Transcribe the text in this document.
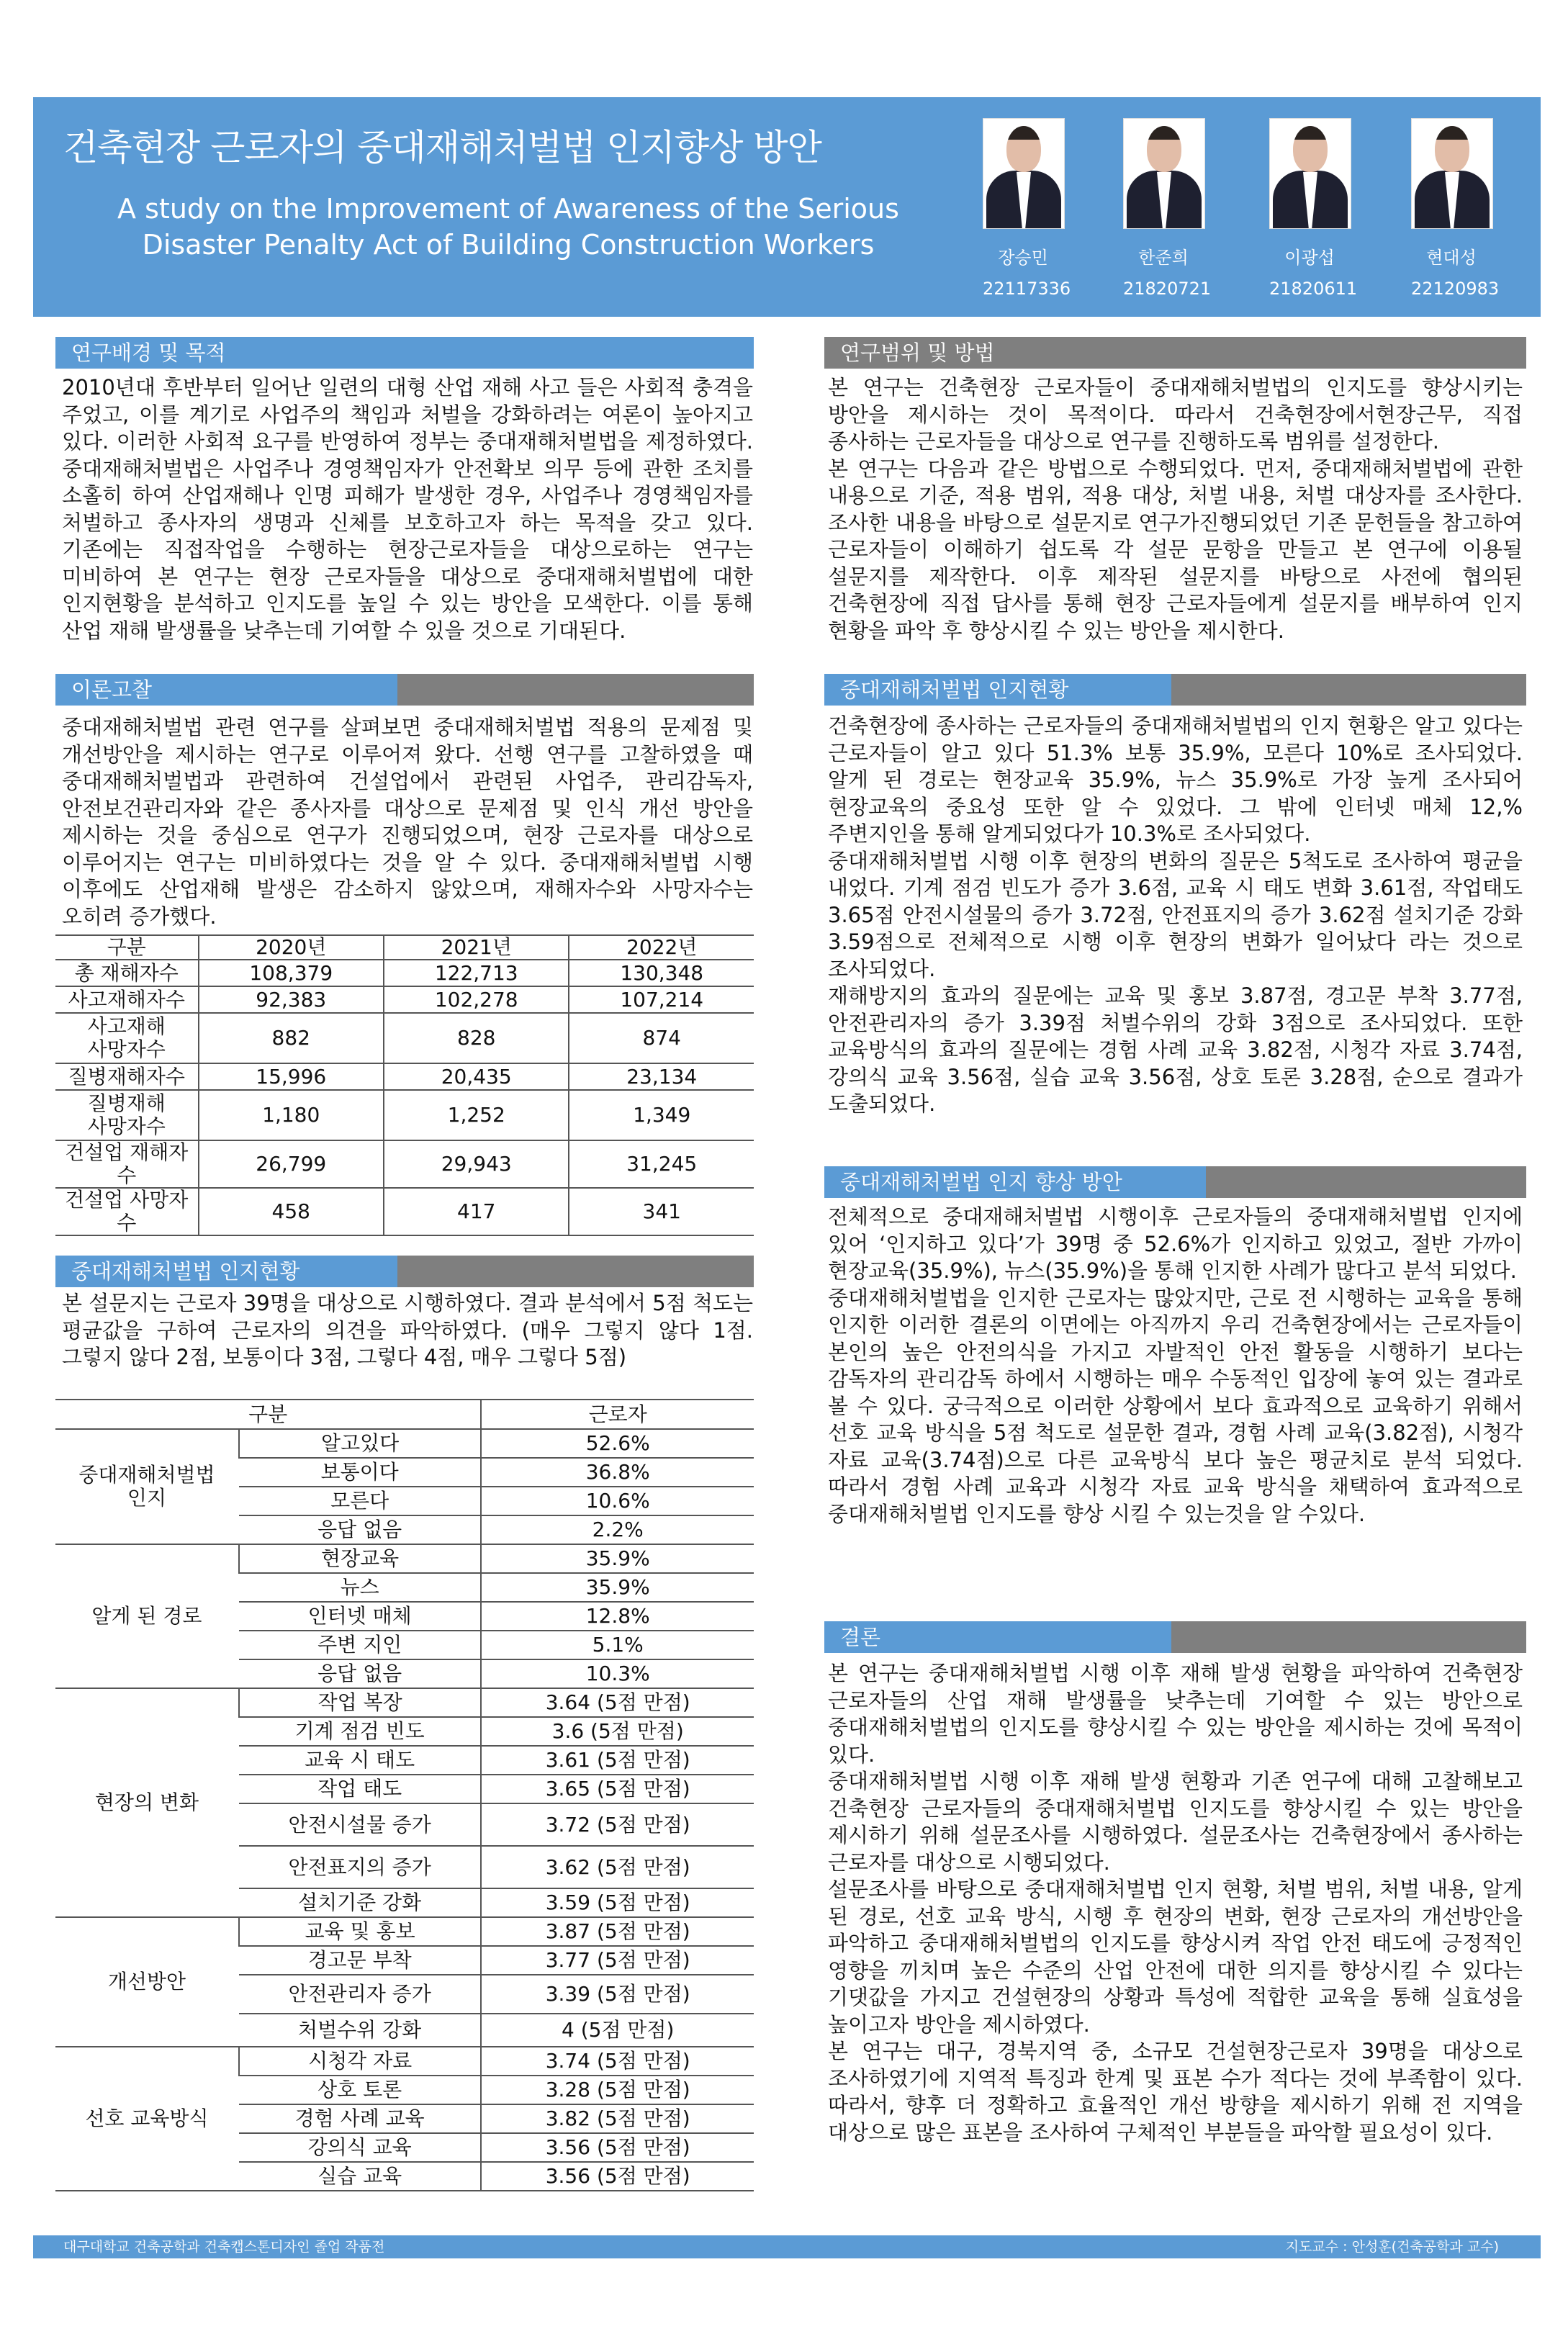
건축현장 근로자의 중대재해처벌법 인지향상 방안
A study on the Improvement of Awareness of the Serious
Disaster Penalty Act of Building Construction Workers	장승민
22117336
한준희
21820721
이광섭
21820611
현대성
22120983
연구배경 및 목적

2010년대 후반부터 일어난 일련의 대형 산업 재해 사고 들은 사회적 충격을 주었고, 이를 계기로 사업주의 책임과 처벌을 강화하려는 여론이 높아지고 있다. 이러한 사회적 요구를 반영하여 정부는 중대재해처벌법을 제정하였다. 중대재해처벌법은 사업주나 경영책임자가 안전확보 의무 등에 관한 조치를 소홀히 하여 산업재해나 인명 피해가 발생한 경우, 사업주나 경영책임자를 처벌하고 종사자의 생명과 신체를 보호하고자 하는 목적을 갖고 있다. 기존에는 직접작업을 수행하는 현장근로자들을 대상으로하는 연구는 미비하여 본 연구는 현장 근로자들을 대상으로 중대재해처벌법에 대한 인지현황을 분석하고 인지도를 높일 수 있는 방안을 모색한다. 이를 통해 산업 재해 발생률을 낮추는데 기여할 수 있을 것으로 기대된다.

이론고찰

중대재해처벌법 관련 연구를 살펴보면 중대재해처벌법 적용의 문제점 및 개선방안을 제시하는 연구로 이루어져 왔다. 선행 연구를 고찰하였을 때 중대재해처벌법과 관련하여 건설업에서 관련된 사업주, 관리감독자, 안전보건관리자와 같은 종사자를 대상으로 문제점 및 인식 개선 방안을 제시하는 것을 중심으로 연구가 진행되었으며, 현장 근로자를 대상으로 이루어지는 연구는 미비하였다는 것을 알 수 있다. 중대재해처벌법 시행 이후에도 산업재해 발생은 감소하지 않았으며, 재해자수와 사망자수는 오히려 증가했다.

구분	2020년	2021년	2022년
총 재해자수	108,379	122,713	130,348
사고재해자수	92,383	102,278	107,214
사고재해
사망자수	882	828	874
질병재해자수	15,996	20,435	23,134
질병재해
사망자수	1,180	1,252	1,349
건설업 재해자수	26,799	29,943	31,245
건설업 사망자수	458	417	341
중대재해처벌법 인지현황

본 설문지는 근로자 39명을 대상으로 시행하였다. 결과 분석에서 5점 척도는 평균값을 구하여 근로자의 의견을 파악하였다. (매우 그렇지 않다 1점. 그렇지 않다 2점, 보통이다 3점, 그렇다 4점, 매우 그렇다 5점)

구분		근로자
중대재해처벌법
인지	알고있다	52.6%
	보통이다	36.8%
	모른다	10.6%
	응답 없음	2.2%
알게 된 경로	현장교육	35.9%
	뉴스	35.9%
	인터넷 매체	12.8%
	주변 지인	5.1%
	응답 없음	10.3%
현장의 변화	작업 복장	3.64 (5점 만점)
	기계 점검 빈도	3.6 (5점 만점)
	교육 시 태도	3.61 (5점 만점)
	작업 태도	3.65 (5점 만점)
	안전시설물 증가	3.72 (5점 만점)
	안전표지의 증가	3.62 (5점 만점)
	설치기준 강화	3.59 (5점 만점)
개선방안	교육 및 홍보	3.87 (5점 만점)
	경고문 부착	3.77 (5점 만점)
	안전관리자 증가	3.39 (5점 만점)
	처벌수위 강화	4 (5점 만점)
선호 교육방식	시청각 자료	3.74 (5점 만점)
	상호 토론	3.28 (5점 만점)
	경험 사례 교육	3.82 (5점 만점)
	강의식 교육	3.56 (5점 만점)
	실습 교육	3.56 (5점 만점)
연구범위 및 방법

본 연구는 건축현장 근로자들이 중대재해처벌법의 인지도를 향상시키는 방안을 제시하는 것이 목적이다. 따라서 건축현장에서현장근무, 직접 종사하는 근로자들을 대상으로 연구를 진행하도록 범위를 설정한다.

본 연구는 다음과 같은 방법으로 수행되었다. 먼저, 중대재해처벌법에 관한 내용으로 기준, 적용 범위, 적용 대상, 처벌 내용, 처벌 대상자를 조사한다. 조사한 내용을 바탕으로 설문지로 연구가진행되었던 기존 문헌들을 참고하여 근로자들이 이해하기 쉽도록 각 설문 문항을 만들고 본 연구에 이용될 설문지를 제작한다. 이후 제작된 설문지를 바탕으로 사전에 협의된 건축현장에 직접 답사를 통해 현장 근로자들에게 설문지를 배부하여 인지 현황을 파악 후 향상시킬 수 있는 방안을 제시한다.

중대재해처벌법 인지현황

건축현장에 종사하는 근로자들의 중대재해처벌법의 인지 현황은 알고 있다는 근로자들이 알고 있다 51.3% 보통 35.9%, 모른다 10%로 조사되었다. 알게 된 경로는 현장교육 35.9%, 뉴스 35.9%로 가장 높게 조사되어 현장교육의 중요성 또한 알 수 있었다. 그 밖에 인터넷 매체 12,% 주변지인을 통해 알게되었다가 10.3%로 조사되었다.

중대재해처벌법 시행 이후 현장의 변화의 질문은 5척도로 조사하여 평균을 내었다. 기계 점검 빈도가 증가 3.6점, 교육 시 태도 변화 3.61점, 작업태도 3.65점 안전시설물의 증가 3.72점, 안전표지의 증가 3.62점 설치기준 강화 3.59점으로 전체적으로 시행 이후 현장의 변화가 일어났다 라는 것으로 조사되었다.

재해방지의 효과의 질문에는 교육 및 홍보 3.87점, 경고문 부착 3.77점, 안전관리자의 증가 3.39점 처벌수위의 강화 3점으로 조사되었다. 또한 교육방식의 효과의 질문에는 경험 사례 교육 3.82점, 시청각 자료 3.74점, 강의식 교육 3.56점, 실습 교육 3.56점, 상호 토론 3.28점, 순으로 결과가 도출되었다.

중대재해처벌법 인지 향상 방안

전체적으로 중대재해처벌법 시행이후 근로자들의 중대재해처벌법 인지에 있어 ‘인지하고 있다’가 39명 중 52.6%가 인지하고 있었고, 절반 가까이 현장교육(35.9%), 뉴스(35.9%)을 통해 인지한 사례가 많다고 분석 되었다.

중대재해처벌법을 인지한 근로자는 많았지만, 근로 전 시행하는 교육을 통해 인지한 이러한 결론의 이면에는 아직까지 우리 건축현장에서는 근로자들이 본인의 높은 안전의식을 가지고 자발적인 안전 활동을 시행하기 보다는 감독자의 관리감독 하에서 시행하는 매우 수동적인 입장에 놓여 있는 결과로 볼 수 있다. 궁극적으로 이러한 상황에서 보다 효과적으로 교육하기 위해서 선호 교육 방식을 5점 척도로 설문한 결과, 경험 사례 교육(3.82점), 시청각 자료 교육(3.74점)으로 다른 교육방식 보다 높은 평균치로 분석 되었다. 따라서 경험 사례 교육과 시청각 자료 교육 방식을 채택하여 효과적으로 중대재해처벌법 인지도를 향상 시킬 수 있는것을 알 수있다.

결론

본 연구는 중대재해처벌법 시행 이후 재해 발생 현황을 파악하여 건축현장 근로자들의 산업 재해 발생률을 낮추는데 기여할 수 있는 방안으로 중대재해처벌법의 인지도를 향상시킬 수 있는 방안을 제시하는 것에 목적이 있다.

중대재해처벌법 시행 이후 재해 발생 현황과 기존 연구에 대해 고찰해보고 건축현장 근로자들의 중대재해처벌법 인지도를 향상시킬 수 있는 방안을 제시하기 위해 설문조사를 시행하였다. 설문조사는 건축현장에서 종사하는 근로자를 대상으로 시행되었다.

설문조사를 바탕으로 중대재해처벌법 인지 현황, 처벌 범위, 처벌 내용, 알게 된 경로, 선호 교육 방식, 시행 후 현장의 변화, 현장 근로자의 개선방안을 파악하고 중대재해처벌법의 인지도를 향상시켜 작업 안전 태도에 긍정적인 영향을 끼치며 높은 수준의 산업 안전에 대한 의지를 향상시킬 수 있다는 기댓값을 가지고 건설현장의 상황과 특성에 적합한 교육을 통해 실효성을 높이고자 방안을 제시하였다.

본 연구는 대구, 경북지역 중, 소규모 건설현장근로자 39명을 대상으로 조사하였기에 지역적 특징과 한계 및 표본 수가 적다는 것에 부족함이 있다. 따라서, 향후 더 정확하고 효율적인 개선 방향을 제시하기 위해 전 지역을 대상으로 많은 표본을 조사하여 구체적인 부분들을 파악할 필요성이 있다.

대구대학교 건축공학과 건축캡스톤디자인 졸업 작품전	지도교수 : 안성훈(건축공학과 교수)
